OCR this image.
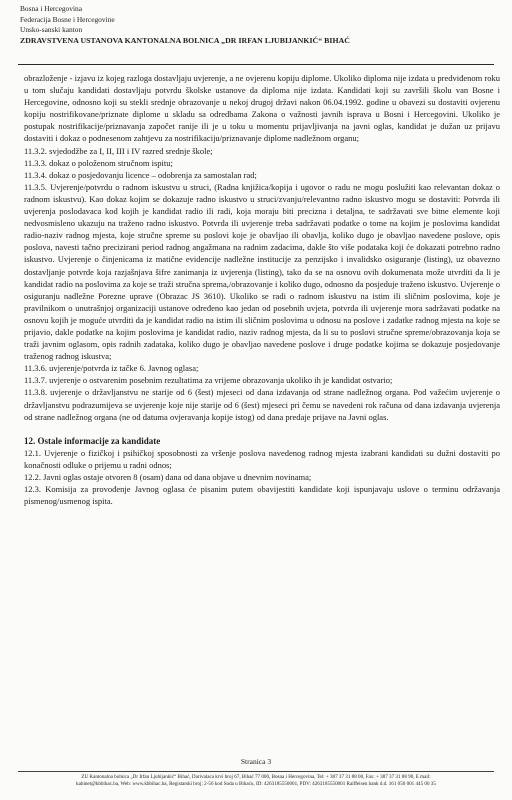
Bosna i Hercegovina
Federacija Bosne i Hercegovine
Unsko-sanski kanton
ZDRAVSTVENA USTANOVA KANTONALNA BOLNICA „DR IRFAN LJUBIJANKIĆ“ BIHAĆ

obrazloženje - izjavu iz kojeg razloga dostavljaju uvjerenje, a ne ovjerenu kopiju diplome. Ukoliko diploma nije izdata u predviđenom roku u tom slučaju kandidati dostavljaju potvrdu školske ustanove da diploma nije izdata. Kandidati koji su završili školu van Bosne i Hercegovine, odnosno koji su stekli srednje obrazovanje u nekoj drugoj državi nakon 06.04.1992. godine u obavezi su dostaviti ovjerenu kopiju nostrifikovane/priznate diplome u skladu sa odredbama Zakona o važnosti javnih isprava u Bosni i Hercegovini. Ukoliko je postupak nostrifikacije/priznavanja započet ranije ili je u toku u momentu prijavljivanja na javni oglas, kandidat je dužan uz prijavu dostaviti i dokaz o podnesenom zahtjevu za nostrifikaciju/priznavanje diplome nadležnom organu;

11.3.2. svjedodžbe za I, II, III i IV razred srednje škole;

11.3.3. dokaz o položenom stručnom ispitu;

11.3.4. dokaz o posjedovanju licence – odobrenja za samostalan rad;

11.3.5. Uvjerenje/potvrdu o radnom iskustvu u struci, (Radna knjižica/kopija i ugovor o radu ne mogu poslužiti kao relevantan dokaz o radnom iskustvu). Kao dokaz kojim se dokazuje radno iskustvo u struci/zvanju/relevantno radno iskustvo mogu se dostaviti: Potvrda ili uvjerenja poslodavaca kod kojih je kandidat radio ili radi, koja moraju biti precizna i detaljna, te sadržavati sve bitne elemente koji nedvosmisleno ukazuju na traženo radno iskustvo. Potvrda ili uvjerenje treba sadržavati podatke o tome na kojim je poslovima kandidat radio-naziv radnog mjesta, koje stručne spreme su poslovi koje je obavljao ili obavlja, koliko dugo je obavljao navedene poslove, opis poslova, navesti tačno precizirani period radnog angažmana na radnim zadacima, dakle što više podataka koji će dokazati potrebno radno iskustvo. Uvjerenje o činjenicama iz matične evidencije nadležne institucije za penzijsko i invalidsko osiguranje (listing), uz obavezno dostavljanje potvrde koja razjašnjava šifre zanimanja iz uvjerenja (listing), tako da se na osnovu ovih dokumenata može utvrditi da li je kandidat radio na poslovima za koje se traži stručna sprema,/obrazovanje i koliko dugo, odnosno da posjeduje traženo iskustvo. Uvjerenje o osiguranju nadležne Porezne uprave (Obrazac JS 3610). Ukoliko se radi o radnom iskustvu na istim ili sličnim poslovima, koje je pravilnikom o unutrašnjoj organizaciji ustanove određeno kao jedan od posebnih uvjeta, potvrda ili uvjerenje mora sadržavati podatke na osnovu kojih je moguće utvrditi da je kandidat radio na istim ili sličnim poslovima u odnosu na poslove i zadatke radnog mjesta na koje se prijavio, dakle podatke na kojim poslovima je kandidat radio, naziv radnog mjesta, da li su to poslovi stručne spreme/obrazovanja koja se traži javnim oglasom, opis radnih zadataka, koliko dugo je obavljao navedene poslove i druge podatke kojima se dokazuje posjedovanje traženog radnog iskustva;

11.3.6. uvjerenje/potvrda iz tačke 6. Javnog oglasa;

11.3.7. uvjerenje o ostvarenim posebnim rezultatima za vrijeme obrazovanja ukoliko ih je kandidat ostvario;

11.3.8. uvjerenje o državljanstvu ne starije od 6 (šest) mjeseci od dana izdavanja od strane nadležnog organa. Pod važećim uvjerenje o državljanstvu podrazumijeva se uvjerenje koje nije starije od 6 (šest) mjeseci pri čemu se navedeni rok računa od dana izdavanja uvjerenja od strane nadležnog organa (ne od datuma ovjeravanja kopije istog) od dana predaje prijave na Javni oglas.

12. Ostale informacije za kandidate

12.1. Uvjerenje o fizičkoj i psihičkoj sposobnosti za vršenje poslova navedenog radnog mjesta izabrani kandidati su dužni dostaviti po konačnosti odluke o prijemu u radni odnos;

12.2. Javni oglas ostaje otvoren 8 (osam) dana od dana objave u dnevnim novinama;

12.3. Komisija za provođenje Javnog oglasa će pisanim putem obavijestiti kandidate koji ispunjavaju uslove o terminu održavanja pismenog/usmenog ispita.

Stranica 3
ZU Kantonalna bolnica „Dr Irfan Ljubijankić“ Bihać, Darivalaca krvi broj 67, Bihać 77 000, Bosna i Hercegovina, Tel: + 387 37 31 88 00, Fax: + 387 37 31 88 90, E mail:
kabinet@kbbihac.ba, Web: www.kbbihac.ba, Registarski broj: 2-56 kod Suda u Bihaću, ID: 4263185550001, PDV: 4263185550001 Raiffeisen bank d.d. 161 050 001 445 00 35
